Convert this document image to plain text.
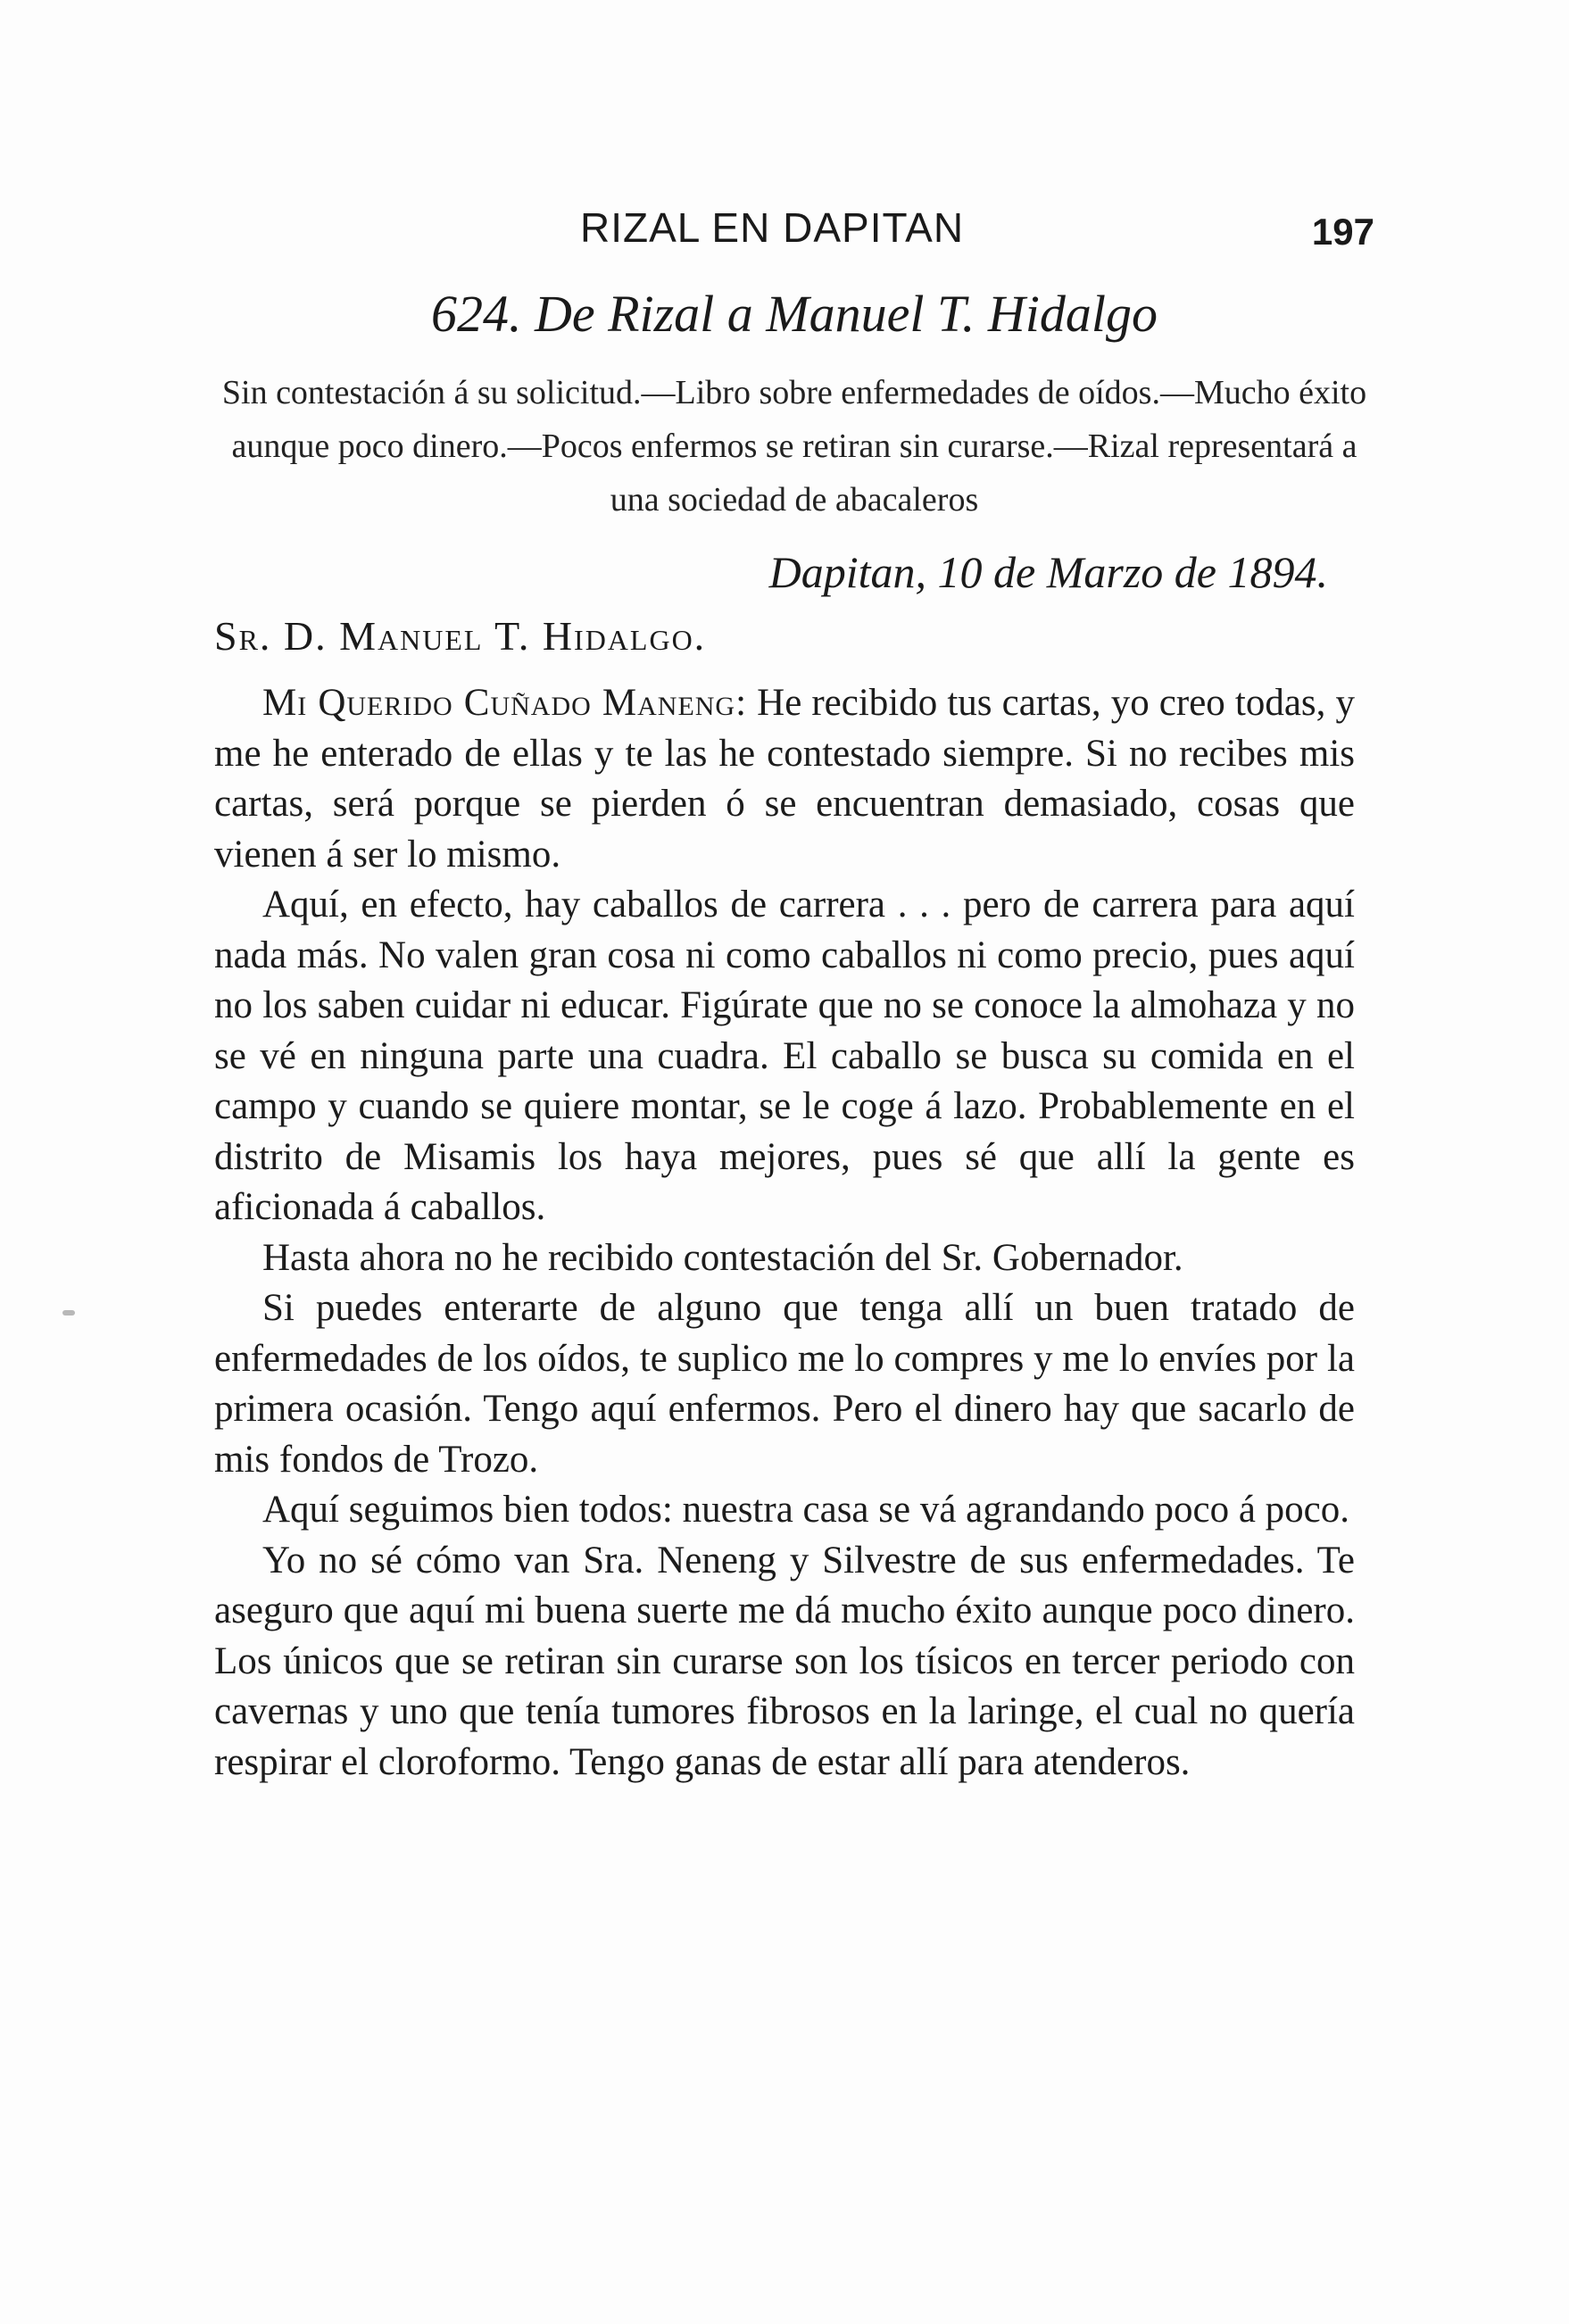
RIZAL EN DAPITAN	197
624. De Rizal a Manuel T. Hidalgo
Sin contestación á su solicitud.—Libro sobre enfermedades de oídos.—Mucho éxito aunque poco dinero.—Pocos enfermos se retiran sin curarse.—Rizal representará a una sociedad de abacaleros
Dapitan, 10 de Marzo de 1894.
Sr. D. Manuel T. Hidalgo.

Mi Querido Cuñado Maneng: He recibido tus cartas, yo creo todas, y me he enterado de ellas y te las he contestado siempre. Si no recibes mis cartas, será porque se pierden ó se encuentran demasiado, cosas que vienen á ser lo mismo.

Aquí, en efecto, hay caballos de carrera . . . pero de carrera para aquí nada más. No valen gran cosa ni como caballos ni como precio, pues aquí no los saben cuidar ni educar. Figúrate que no se conoce la almohaza y no se vé en ninguna parte una cuadra. El caballo se busca su comida en el campo y cuando se quiere montar, se le coge á lazo. Probablemente en el distrito de Misamis los haya mejores, pues sé que allí la gente es aficionada á caballos.

Hasta ahora no he recibido contestación del Sr. Gobernador.

Si puedes enterarte de alguno que tenga allí un buen tratado de enfermedades de los oídos, te suplico me lo compres y me lo envíes por la primera ocasión. Tengo aquí enfermos. Pero el dinero hay que sacarlo de mis fondos de Trozo.

Aquí seguimos bien todos: nuestra casa se vá agrandando poco á poco.

Yo no sé cómo van Sra. Neneng y Silvestre de sus enfermedades. Te aseguro que aquí mi buena suerte me dá mucho éxito aunque poco dinero. Los únicos que se retiran sin curarse son los tísicos en tercer periodo con cavernas y uno que tenía tumores fibrosos en la laringe, el cual no quería respirar el cloroformo. Tengo ganas de estar allí para atenderos.
